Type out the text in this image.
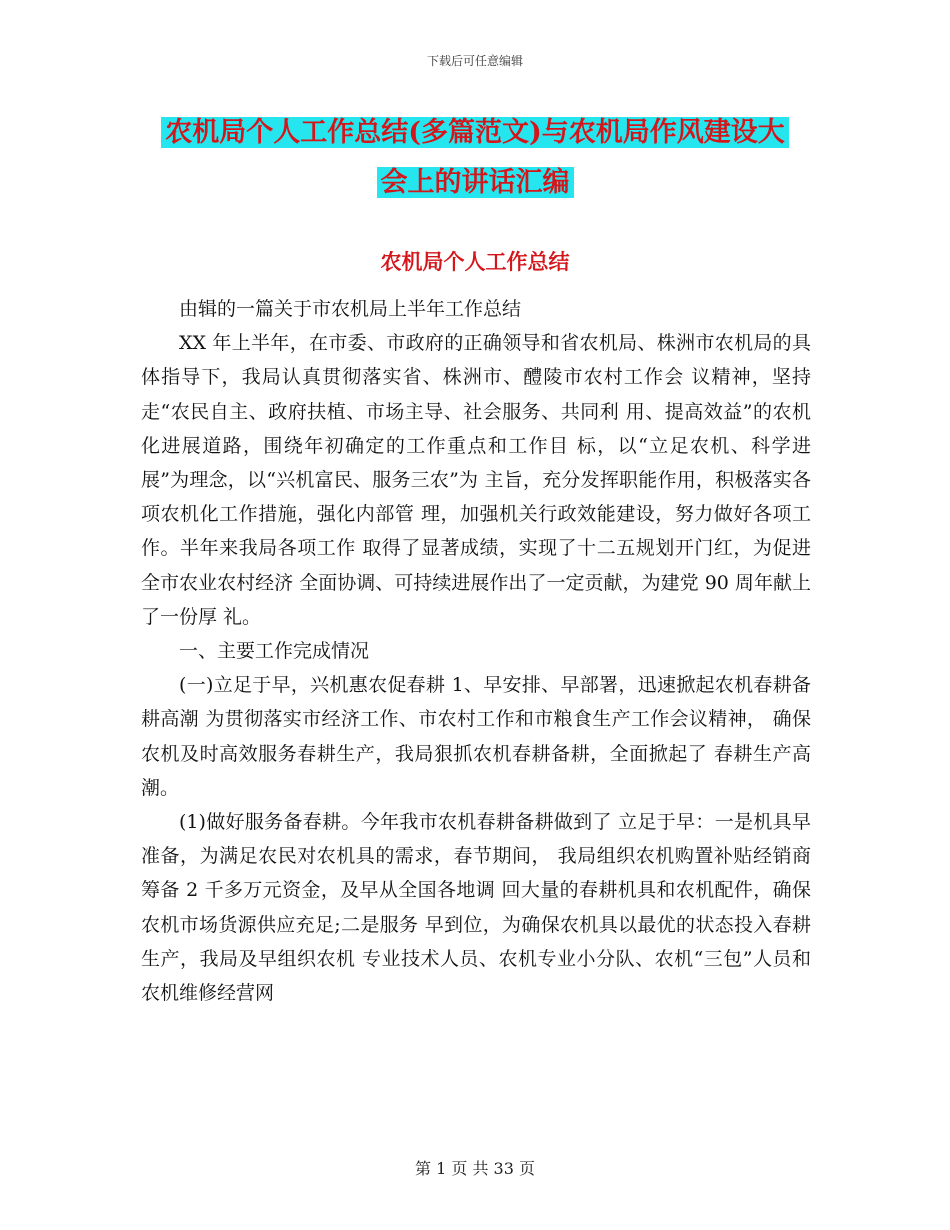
下载后可任意编辑
农机局个人工作总结(多篇范文)与农机局作风建设大
会上的讲话汇编
农机局个人工作总结

由辑的一篇关于市农机局上半年工作总结

XX 年上半年，在市委、市政府的正确领导和省农机局、株洲市农机局的具体指导下，我局认真贯彻落实省、株洲市、醴陵市农村工作会 议精神，坚持走“农民自主、政府扶植、市场主导、社会服务、共同利 用、提高效益”的农机化进展道路，围绕年初确定的工作重点和工作目 标，以“立足农机、科学进展”为理念，以“兴机富民、服务三农”为 主旨，充分发挥职能作用，积极落实各项农机化工作措施，强化内部管 理，加强机关行政效能建设，努力做好各项工作。半年来我局各项工作 取得了显著成绩，实现了十二五规划开门红，为促进全市农业农村经济 全面协调、可持续进展作出了一定贡献，为建党 90 周年献上了一份厚 礼。

一、主要工作完成情况

(一)立足于早，兴机惠农促春耕 1、早安排、早部署，迅速掀起农机春耕备耕高潮 为贯彻落实市经济工作、市农村工作和市粮食生产工作会议精神， 确保农机及时高效服务春耕生产，我局狠抓农机春耕备耕，全面掀起了 春耕生产高潮。

(1)做好服务备春耕。今年我市农机春耕备耕做到了 立足于早：一是机具早准备，为满足农民对农机具的需求，春节期间， 我局组织农机购置补贴经销商筹备 2 千多万元资金，及早从全国各地调 回大量的春耕机具和农机配件，确保农机市场货源供应充足;二是服务 早到位，为确保农机具以最优的状态投入春耕生产，我局及早组织农机 专业技术人员、农机专业小分队、农机“三包”人员和农机维修经营网

第 1 页 共 33 页
